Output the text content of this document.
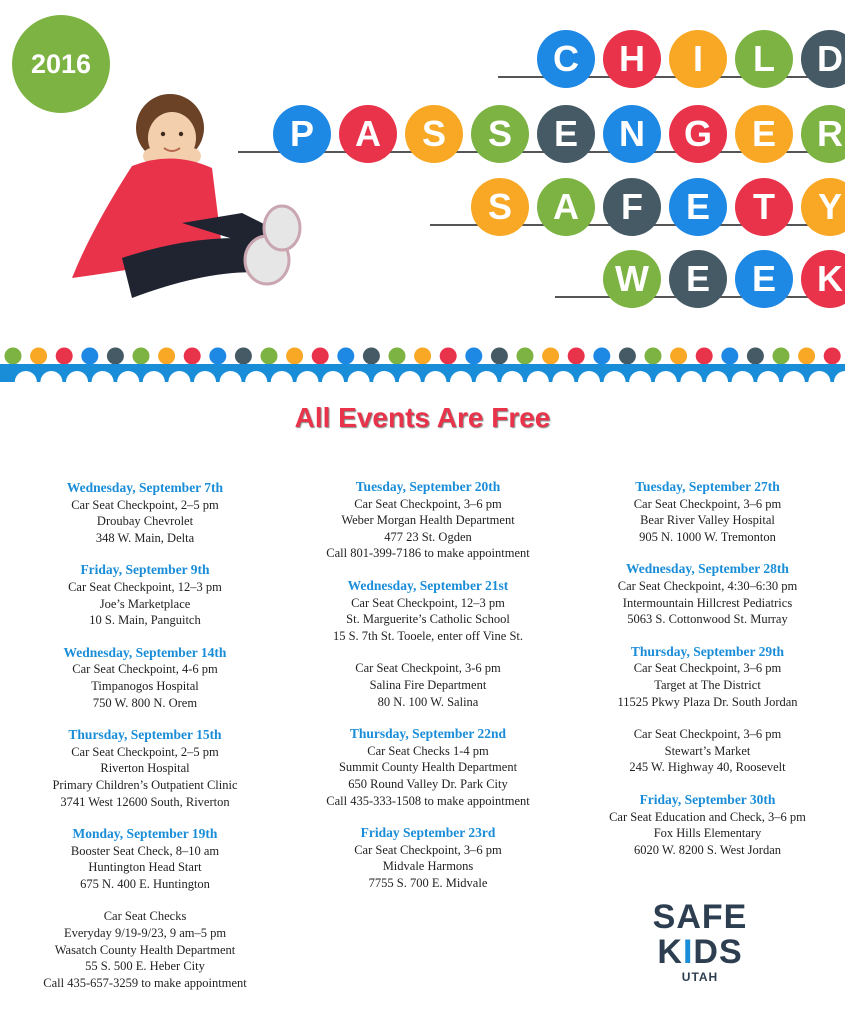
2016	C	H	I	L	D
P	A	S	S	E	N	G	E	R
S	A	F	E	T	Y
W	E	E	K
All Events Are Free
Wednesday, September 7th
Car Seat Checkpoint, 2–5 pm
Droubay Chevrolet
348 W. Main, Delta
Friday, September 9th
Car Seat Checkpoint, 12–3 pm
Joe’s Marketplace
10 S. Main, Panguitch
Wednesday, September 14th
Car Seat Checkpoint, 4-6 pm
Timpanogos Hospital
750 W. 800 N. Orem
Thursday, September 15th
Car Seat Checkpoint, 2–5 pm
Riverton Hospital
Primary Children’s Outpatient Clinic
3741 West 12600 South, Riverton
Monday, September 19th
Booster Seat Check, 8–10 am
Huntington Head Start
675 N. 400 E. Huntington
Car Seat Checks
Everyday 9/19-9/23, 9 am–5 pm
Wasatch County Health Department
55 S. 500 E. Heber City
Call 435-657-3259 to make appointment
Tuesday, September 20th
Car Seat Checkpoint, 3–6 pm
Weber Morgan Health Department
477 23 St. Ogden
Call 801-399-7186 to make appointment
Wednesday, September 21st
Car Seat Checkpoint, 12–3 pm
St. Marguerite’s Catholic School
15 S. 7th St. Tooele, enter off Vine St.
Car Seat Checkpoint, 3-6 pm
Salina Fire Department
80 N. 100 W. Salina
Thursday, September 22nd
Car Seat Checks 1-4 pm
Summit County Health Department
650 Round Valley Dr. Park City
Call 435-333-1508 to make appointment
Friday September 23rd
Car Seat Checkpoint, 3–6 pm
Midvale Harmons
7755 S. 700 E. Midvale
Tuesday, September 27th
Car Seat Checkpoint, 3–6 pm
Bear River Valley Hospital
905 N. 1000 W. Tremonton
Wednesday, September 28th
Car Seat Checkpoint, 4:30–6:30 pm
Intermountain Hillcrest Pediatrics
5063 S. Cottonwood St. Murray
Thursday, September 29th
Car Seat Checkpoint, 3–6 pm
Target at The District
11525 Pkwy Plaza Dr. South Jordan
Car Seat Checkpoint, 3–6 pm
Stewart’s Market
245 W. Highway 40, Roosevelt
Friday, September 30th
Car Seat Education and Check, 3–6 pm
Fox Hills Elementary
6020 W. 8200 S. West Jordan
SAFE
KIDS
UTAH
